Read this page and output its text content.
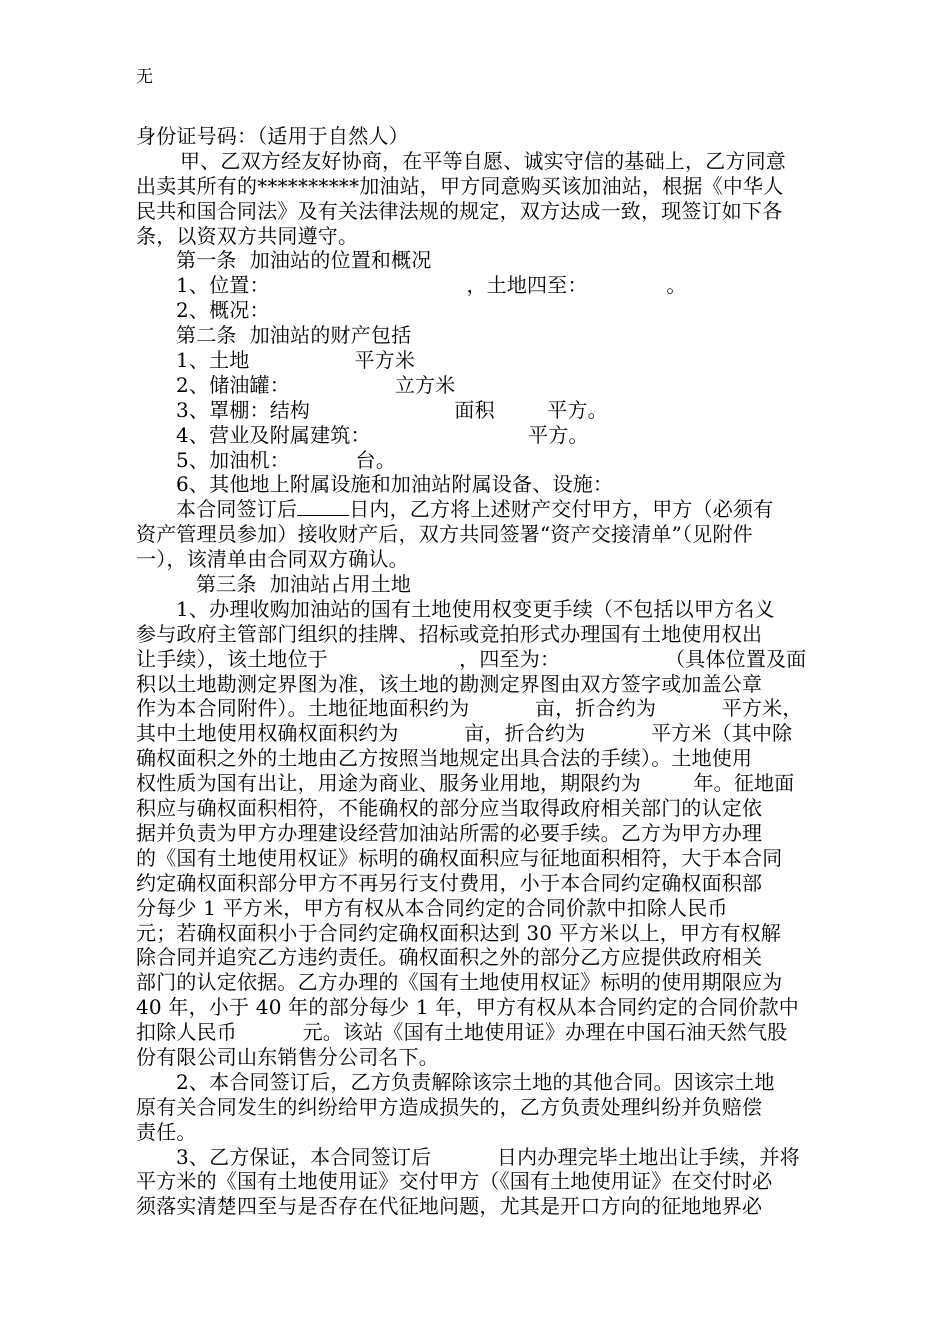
无
身份证号码：（适用于自然人）
甲、乙双方经友好协商，在平等自愿、诚实守信的基础上，乙方同意
出卖其所有的**********加油站，甲方同意购买该加油站，根据《中华人
民共和国合同法》及有关法律法规的规定，双方达成一致，现签订如下各
条，以资双方共同遵守。
第一条  加油站的位置和概况
1、位置：                              ，土地四至：            。
2、概况：
第二条  加油站的财产包括
1、土地                平方米
2、储油罐：                立方米
3、罩棚：结构                      面积        平方。
4、营业及附属建筑：                        平方。
5、加油机：          台。
6、其他地上附属设施和加油站附属设备、设施：
本合同签订后	日内，乙方将上述财产交付甲方，甲方（必须有
资产管理员参加）接收财产后，双方共同签署“资产交接清单”（见附件
一），该清单由合同双方确认。
第三条  加油站占用土地
1、办理收购加油站的国有土地使用权变更手续（不包括以甲方名义
参与政府主管部门组织的挂牌、招标或竞拍形式办理国有土地使用权出
让手续），该土地位于                    ，四至为：                （具体位置及面
积以土地勘测定界图为准，该土地的勘测定界图由双方签字或加盖公章
作为本合同附件）。土地征地面积约为          亩，折合约为          平方米，
其中土地使用权确权面积约为          亩，折合约为          平方米（其中除
确权面积之外的土地由乙方按照当地规定出具合法的手续）。土地使用
权性质为国有出让，用途为商业、服务业用地，期限约为        年。征地面
积应与确权面积相符，不能确权的部分应当取得政府相关部门的认定依
据并负责为甲方办理建设经营加油站所需的必要手续。乙方为甲方办理
的《国有土地使用权证》标明的确权面积应与征地面积相符，大于本合同
约定确权面积部分甲方不再另行支付费用，小于本合同约定确权面积部
分每少 1 平方米，甲方有权从本合同约定的合同价款中扣除人民币
元；若确权面积小于合同约定确权面积达到 30 平方米以上，甲方有权解
除合同并追究乙方违约责任。确权面积之外的部分乙方应提供政府相关
部门的认定依据。乙方办理的《国有土地使用权证》标明的使用期限应为
40 年，小于 40 年的部分每少 1 年，甲方有权从本合同约定的合同价款中
扣除人民币          元。该站《国有土地使用证》办理在中国石油天然气股
份有限公司山东销售分公司名下。
2、本合同签订后，乙方负责解除该宗土地的其他合同。因该宗土地
原有关合同发生的纠纷给甲方造成损失的，乙方负责处理纠纷并负赔偿
责任。
3、乙方保证，本合同签订后          日内办理完毕土地出让手续，并将
平方米的《国有土地使用证》交付甲方（《国有土地使用证》在交付时必
须落实清楚四至与是否存在代征地问题，尤其是开口方向的征地地界必
